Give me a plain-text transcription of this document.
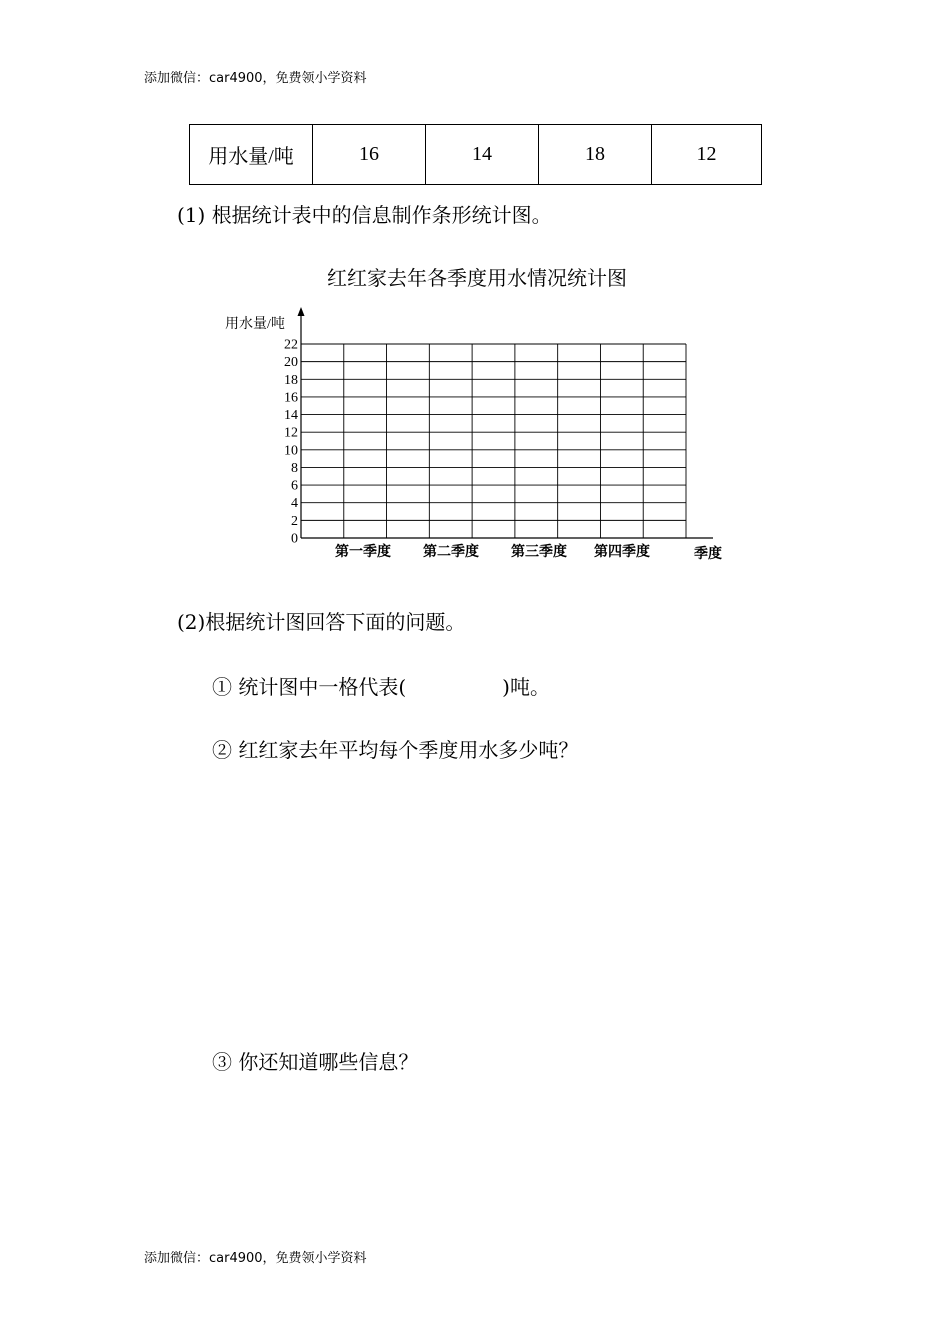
添加微信：car4900，免费领小学资料
用水量/吨	16	14	18	12
(1) 根据统计表中的信息制作条形统计图。
红红家去年各季度用水情况统计图
用水量/吨
0
2
4
6
8
10
12
14
16
18
20
22
第一季度 第二季度 第三季度 第四季度	季度
(2)根据统计图回答下面的问题。
① 统计图中一格代表(	)吨。
② 红红家去年平均每个季度用水多少吨？
③ 你还知道哪些信息？
添加微信：car4900，免费领小学资料
